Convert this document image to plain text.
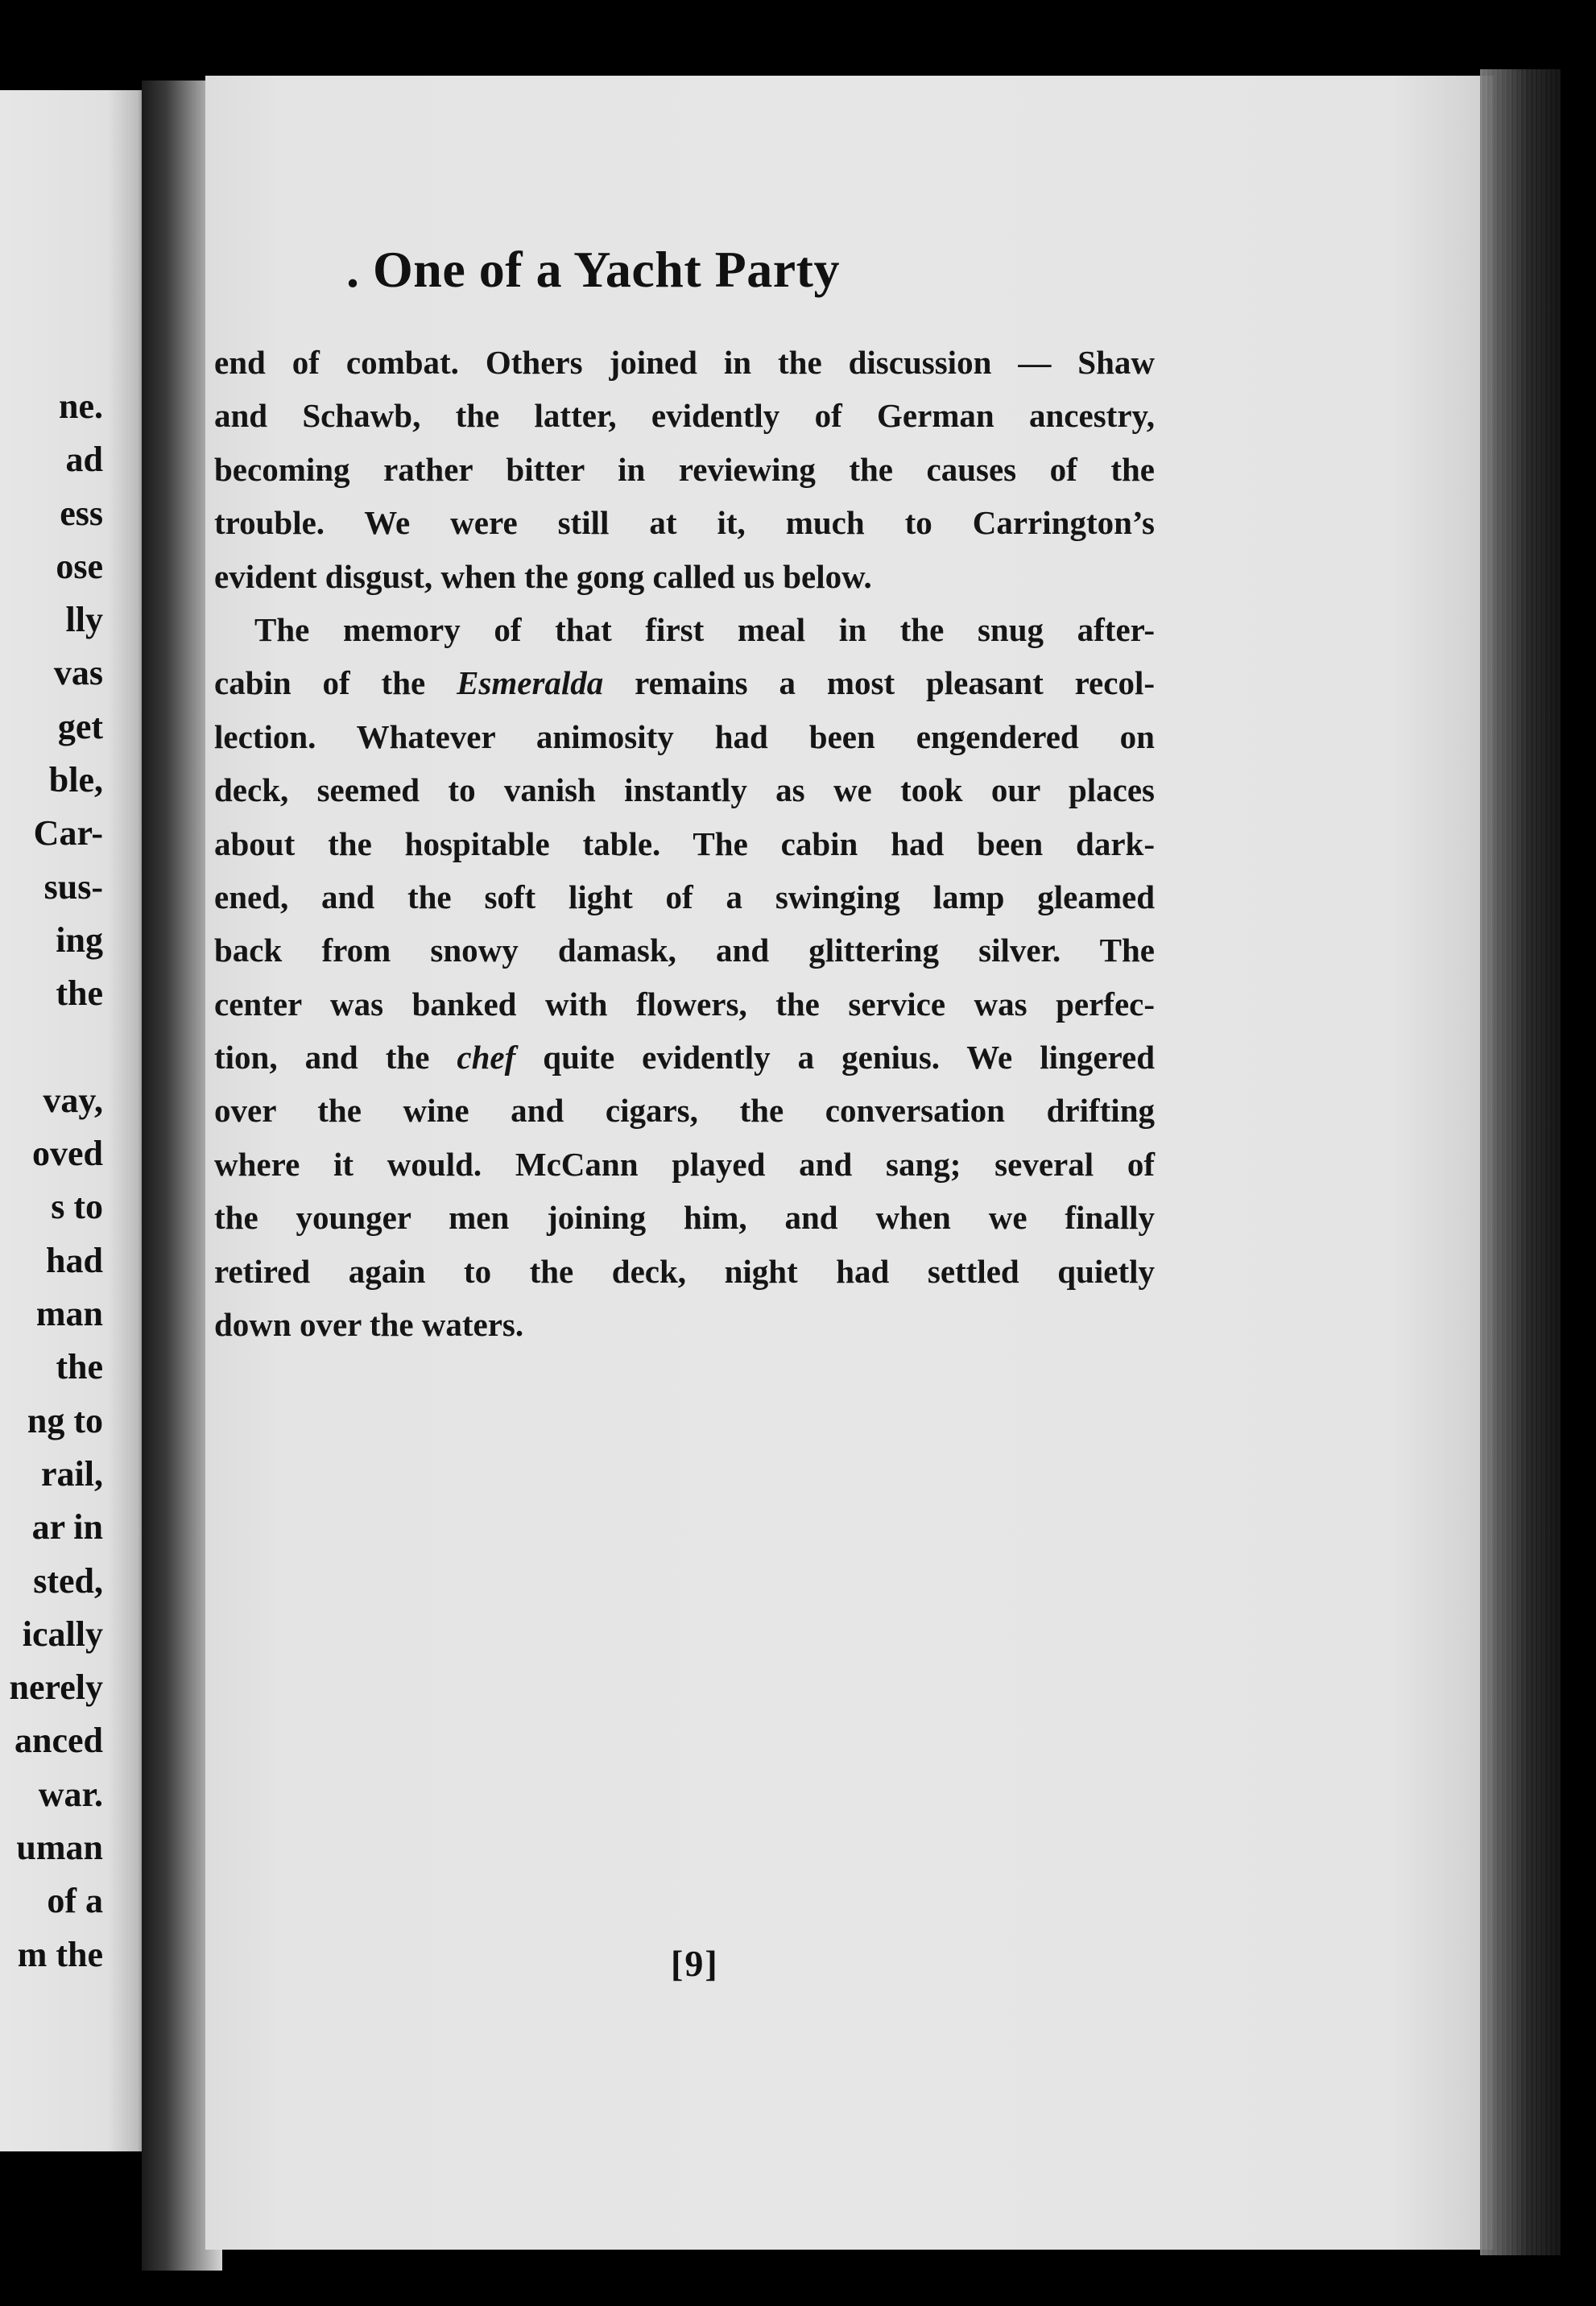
ne.
ad
ess
ose
lly
vas
get
ble,
Car-
sus-
ing
the

vay,
oved
s to
had
man
the
ng to
rail,
ar in
sted,
ically
nerely
anced
war.
uman
of a
m the
. One of a Yacht Party
end of combat. Others joined in the discussion — Shaw
and Schawb, the latter, evidently of German ancestry,
becoming rather bitter in reviewing the causes of the
trouble. We were still at it, much to Carrington’s
evident disgust, when the gong called us below.
The memory of that first meal in the snug after-
cabin of the Esmeralda remains a most pleasant recol-
lection. Whatever animosity had been engendered on
deck, seemed to vanish instantly as we took our places
about the hospitable table. The cabin had been dark-
ened, and the soft light of a swinging lamp gleamed
back from snowy damask, and glittering silver. The
center was banked with flowers, the service was perfec-
tion, and the chef quite evidently a genius. We lingered
over the wine and cigars, the conversation drifting
where it would. McCann played and sang; several of
the younger men joining him, and when we finally
retired again to the deck, night had settled quietly
down over the waters.
[9]
